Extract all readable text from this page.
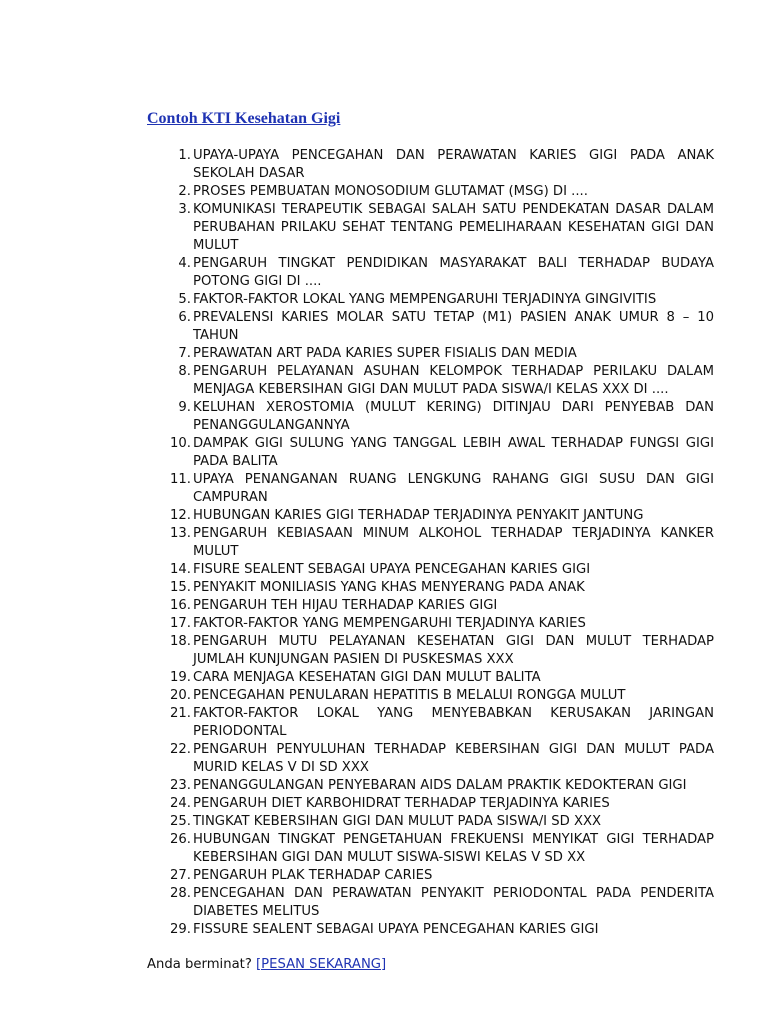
Contoh KTI Kesehatan Gigi
1. UPAYA-UPAYA PENCEGAHAN DAN PERAWATAN KARIES GIGI PADA ANAK SEKOLAH DASAR
2. PROSES PEMBUATAN MONOSODIUM GLUTAMAT (MSG) DI ....
3. KOMUNIKASI TERAPEUTIK SEBAGAI SALAH SATU PENDEKATAN DASAR DALAM PERUBAHAN PRILAKU SEHAT TENTANG PEMELIHARAAN KESEHATAN GIGI DAN MULUT
4. PENGARUH TINGKAT PENDIDIKAN MASYARAKAT BALI TERHADAP BUDAYA POTONG GIGI DI ....
5. FAKTOR-FAKTOR LOKAL YANG MEMPENGARUHI TERJADINYA GINGIVITIS
6. PREVALENSI KARIES MOLAR SATU TETAP (M1) PASIEN ANAK UMUR 8 – 10 TAHUN
7. PERAWATAN ART PADA KARIES SUPER FISIALIS DAN MEDIA
8. PENGARUH PELAYANAN ASUHAN KELOMPOK TERHADAP PERILAKU DALAM MENJAGA KEBERSIHAN GIGI DAN MULUT PADA SISWA/I KELAS XXX DI ....
9. KELUHAN XEROSTOMIA (MULUT KERING) DITINJAU DARI PENYEBAB DAN PENANGGULANGANNYA
10. DAMPAK GIGI SULUNG YANG TANGGAL LEBIH AWAL TERHADAP FUNGSI GIGI PADA BALITA
11. UPAYA PENANGANAN RUANG LENGKUNG RAHANG GIGI SUSU DAN GIGI CAMPURAN
12. HUBUNGAN KARIES GIGI TERHADAP TERJADINYA PENYAKIT JANTUNG
13. PENGARUH KEBIASAAN MINUM ALKOHOL TERHADAP TERJADINYA KANKER MULUT
14. FISURE SEALENT SEBAGAI UPAYA PENCEGAHAN KARIES GIGI
15. PENYAKIT MONILIASIS YANG KHAS MENYERANG PADA ANAK
16. PENGARUH TEH HIJAU TERHADAP KARIES GIGI
17. FAKTOR-FAKTOR YANG MEMPENGARUHI TERJADINYA KARIES
18. PENGARUH MUTU PELAYANAN KESEHATAN GIGI DAN MULUT TERHADAP JUMLAH KUNJUNGAN PASIEN DI PUSKESMAS XXX
19. CARA MENJAGA KESEHATAN GIGI DAN MULUT BALITA
20. PENCEGAHAN PENULARAN HEPATITIS B MELALUI RONGGA MULUT
21. FAKTOR-FAKTOR LOKAL YANG MENYEBABKAN KERUSAKAN JARINGAN PERIODONTAL
22. PENGARUH PENYULUHAN TERHADAP KEBERSIHAN GIGI DAN MULUT PADA MURID KELAS V DI SD XXX
23. PENANGGULANGAN PENYEBARAN AIDS DALAM PRAKTIK KEDOKTERAN GIGI
24. PENGARUH DIET KARBOHIDRAT TERHADAP TERJADINYA KARIES
25. TINGKAT KEBERSIHAN GIGI DAN MULUT PADA SISWA/I SD XXX
26. HUBUNGAN TINGKAT PENGETAHUAN FREKUENSI MENYIKAT GIGI TERHADAP KEBERSIHAN GIGI DAN MULUT SISWA-SISWI KELAS V SD XX
27. PENGARUH PLAK TERHADAP CARIES
28. PENCEGAHAN DAN PERAWATAN PENYAKIT PERIODONTAL PADA PENDERITA DIABETES MELITUS
29. FISSURE SEALENT SEBAGAI UPAYA PENCEGAHAN KARIES GIGI
Anda berminat? [PESAN SEKARANG]
